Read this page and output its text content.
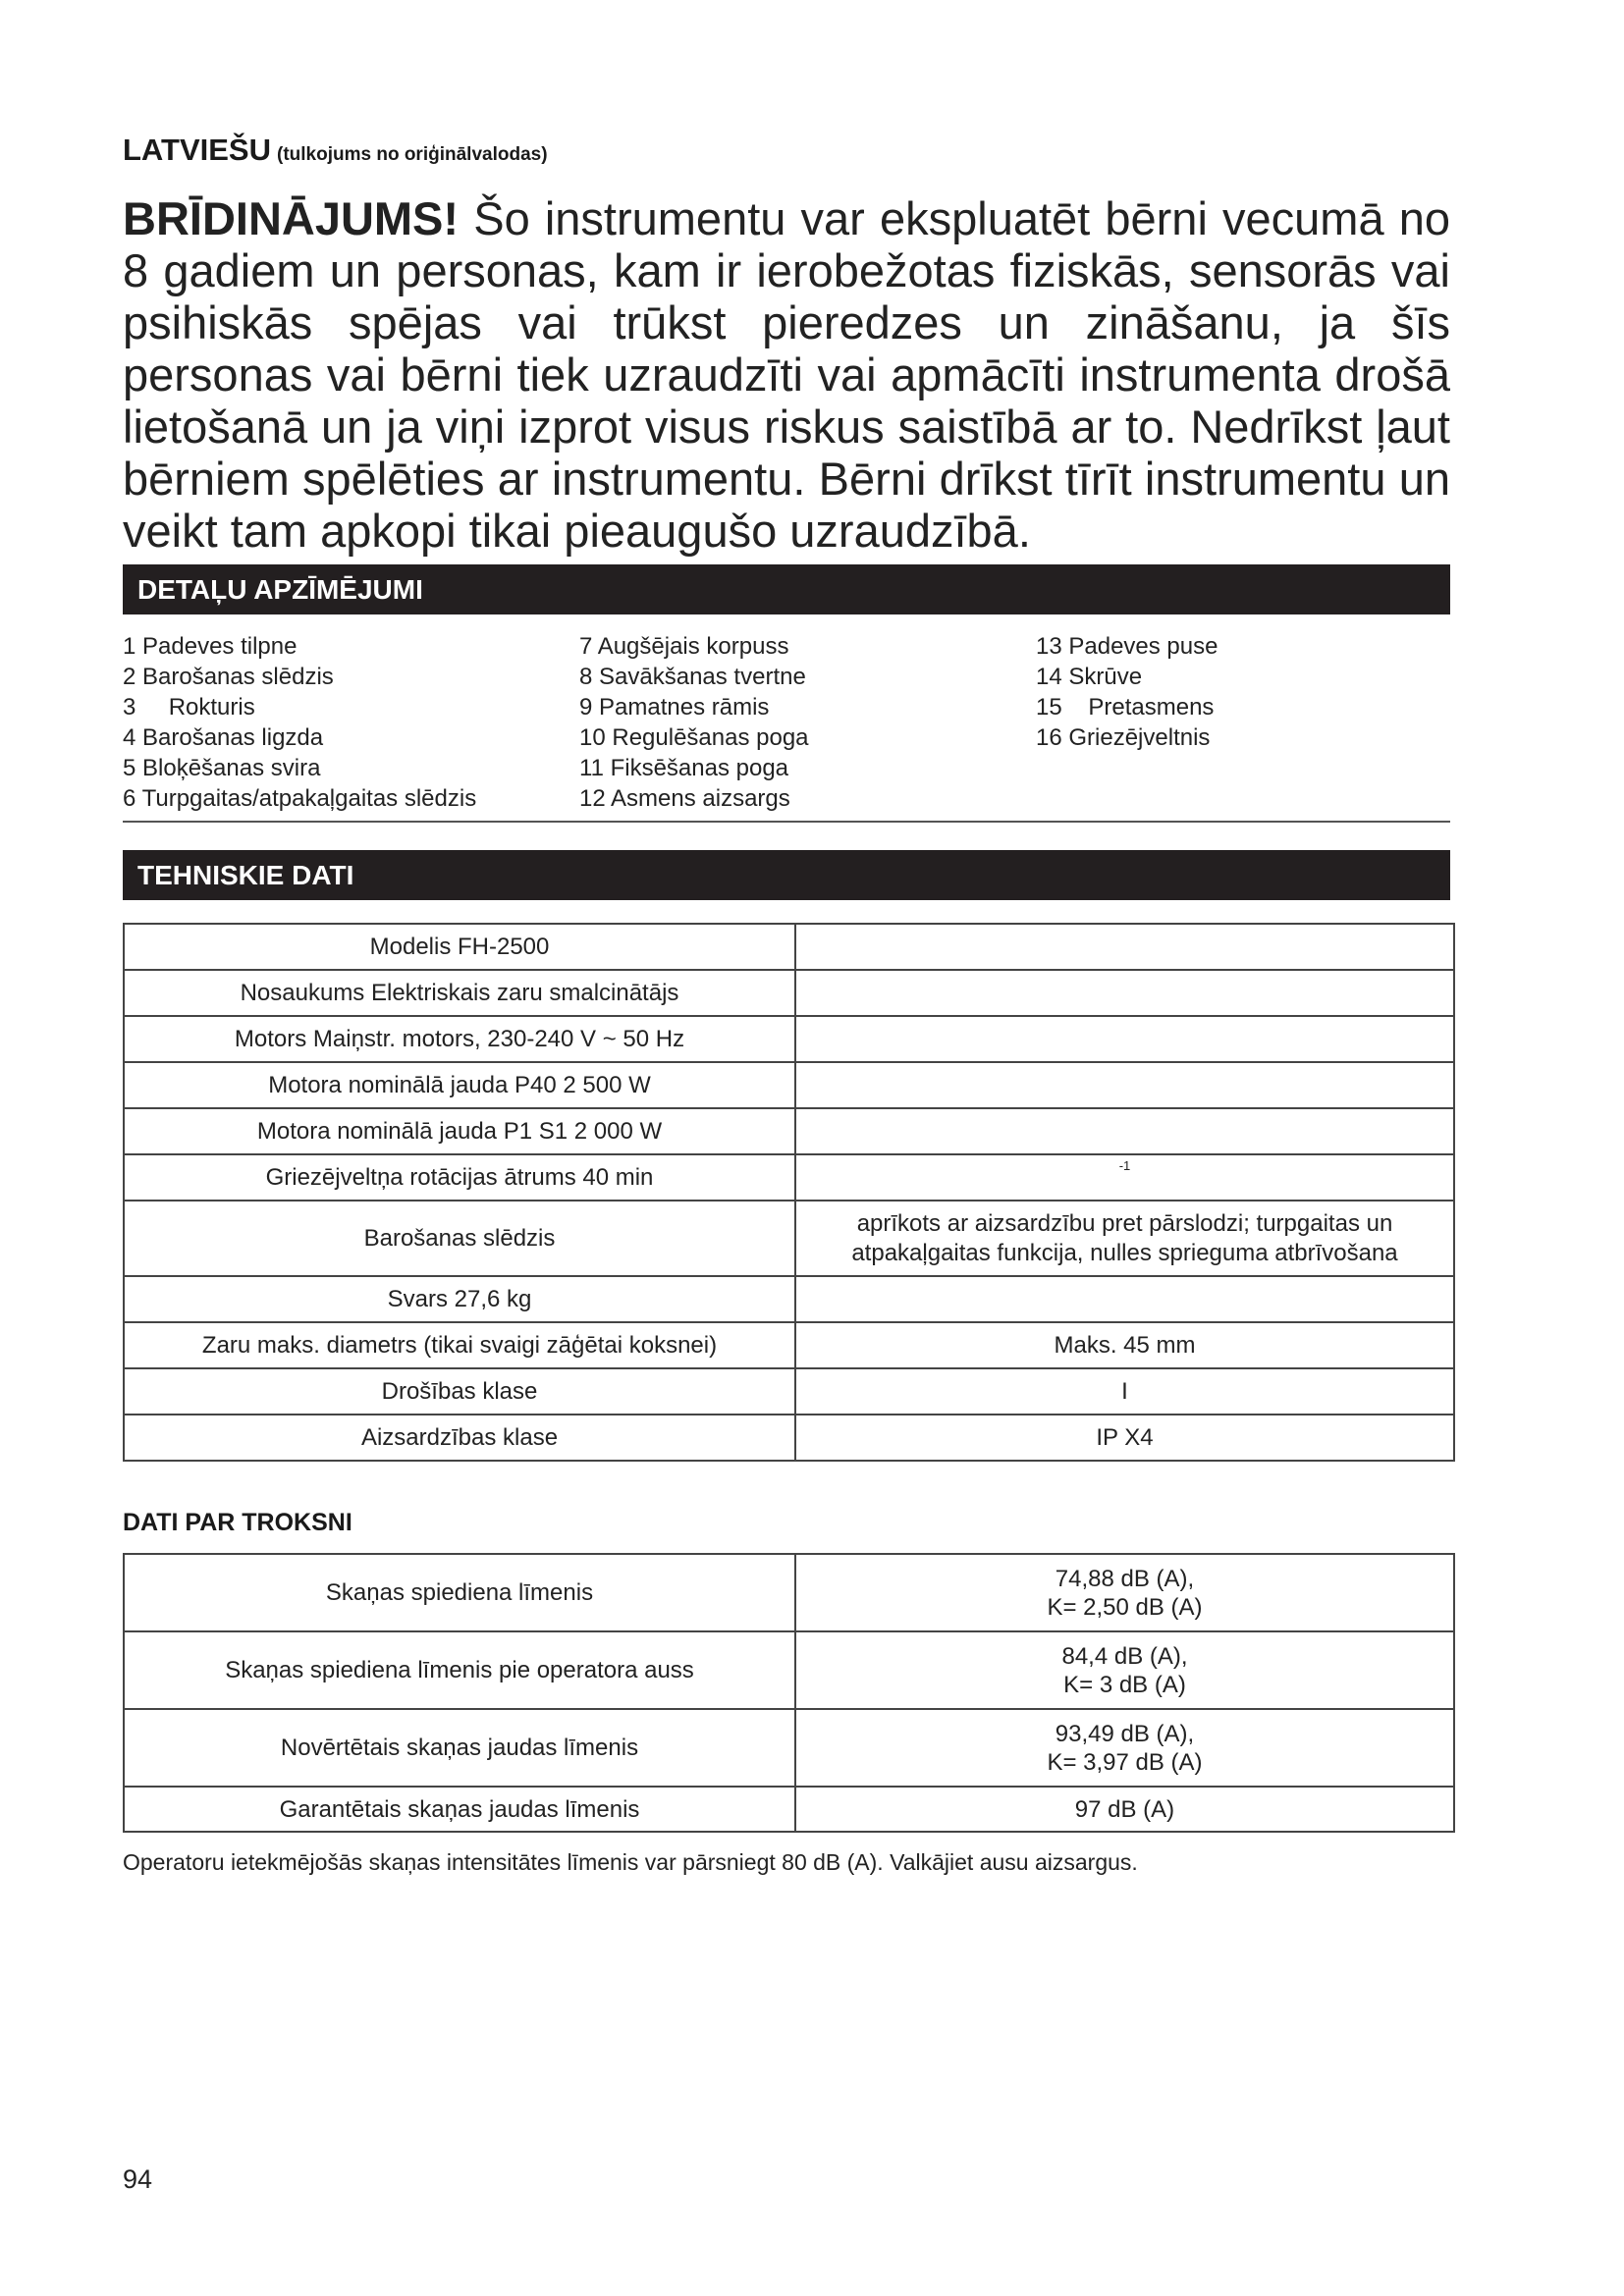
LATVIEŠU (tulkojums no oriģinālvalodas)
BRĪDINĀJUMS! Šo instrumentu var ekspluatēt bērni vecumā no 8 gadiem un personas, kam ir ierobežotas fiziskās, sensorās vai psihiskās spējas vai trūkst pieredzes un zināšanu, ja šīs personas vai bērni tiek uzraudzīti vai apmācīti instrumenta drošā lietošanā un ja viņi izprot visus riskus saistībā ar to. Nedrīkst ļaut bērniem spēlēties ar instrumentu. Bērni drīkst tīrīt instrumentu un veikt tam apkopi tikai pieaugušo uzraudzībā.
DETAĻU APZĪMĒJUMI
1 Padeves tilpne
2 Barošanas slēdzis
3     Rokturis
4 Barošanas ligzda
5 Bloķēšanas svira
6 Turpgaitas/atpakaļgaitas slēdzis
7 Augšējais korpuss
8 Savākšanas tvertne
9 Pamatnes rāmis
10 Regulēšanas poga
11 Fiksēšanas poga
12 Asmens aizsargs
13 Padeves puse
14 Skrūve
15    Pretasmens
16 Griezējveltnis
TEHNISKIE DATI
Modelis FH-2500	
Nosaukums Elektriskais zaru smalcinātājs	
Motors Maiņstr. motors, 230-240 V ~ 50 Hz	
Motora nominālā jauda P40 2 500 W	
Motora nominālā jauda P1 S1 2 000 W	
Griezējveltņa rotācijas ātrums 40 min	$^{-1}$
Barošanas slēdzis	aprīkots ar aizsardzību pret pārslodzi; turpgaitas un atpakaļgaitas funkcija, nulles sprieguma atbrīvošana
Svars 27,6 kg	
Zaru maks. diametrs (tikai svaigi zāģētai koksnei)	Maks. 45 mm
Drošības klase	I
Aizsardzības klase	IP X4
DATI PAR TROKSNI
Skaņas spiediena līmenis	74,88 dB (A),
K= 2,50 dB (A)

Skaņas spiediena līmenis pie operatora auss	84,4 dB (A),
K= 3 dB (A)

Novērtētais skaņas jaudas līmenis	93,49 dB (A),
K= 3,97 dB (A)

Garantētais skaņas jaudas līmenis	97 dB (A)
Operatoru ietekmējošās skaņas intensitātes līmenis var pārsniegt 80 dB (A). Valkājiet ausu aizsargus.
94
